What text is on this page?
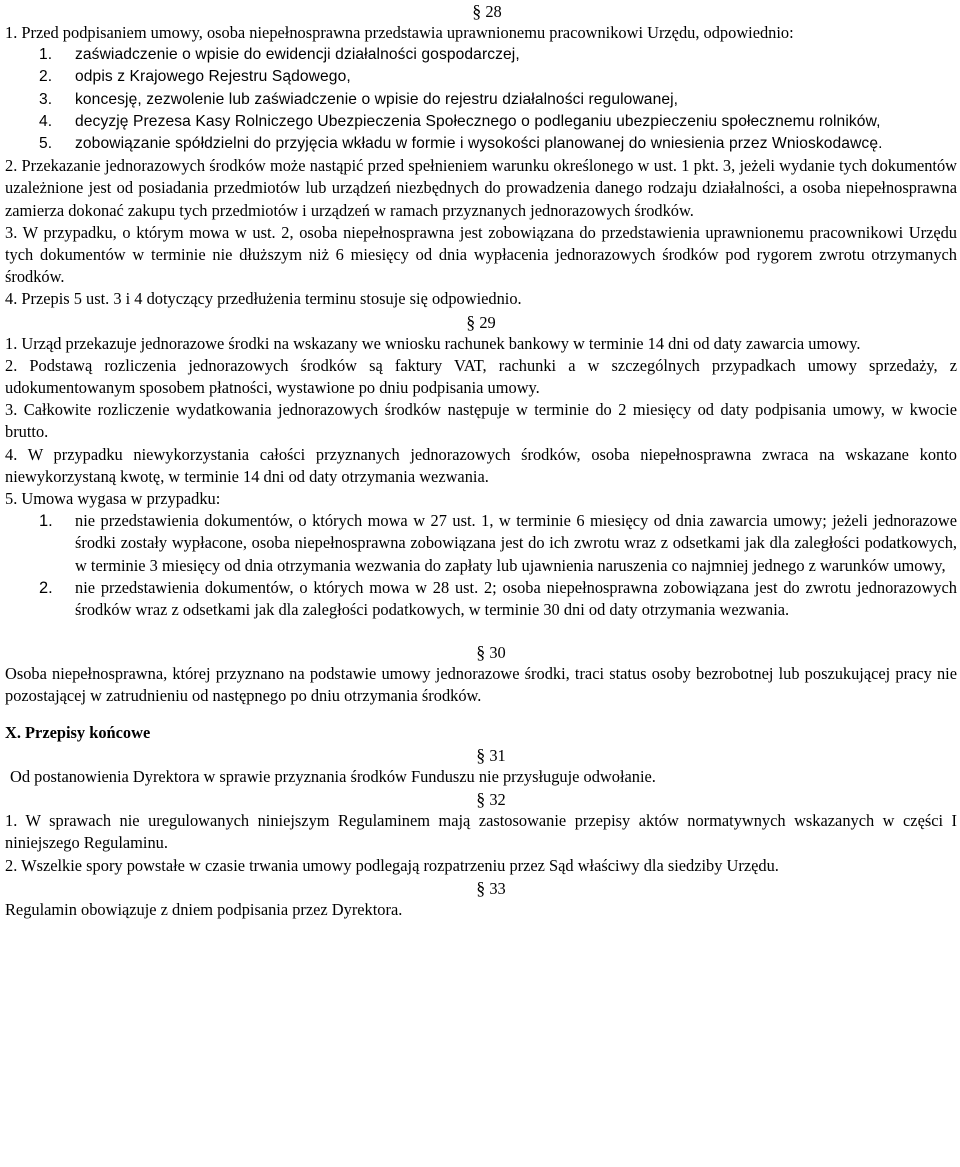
§ 28

1. Przed podpisaniem umowy, osoba niepełnosprawna przedstawia uprawnionemu pracownikowi Urzędu, odpowiednio:

1.	zaświadczenie o wpisie do ewidencji działalności gospodarczej,
2.	odpis z Krajowego Rejestru Sądowego,
3.	koncesję, zezwolenie lub zaświadczenie o wpisie do rejestru działalności regulowanej,
4.	decyzję Prezesa Kasy Rolniczego Ubezpieczenia Społecznego o podleganiu ubezpieczeniu społecznemu rolników,
5.	zobowiązanie spółdzielni do przyjęcia wkładu w formie i wysokości planowanej do wniesienia przez Wnioskodawcę.

2. Przekazanie jednorazowych środków może nastąpić przed spełnieniem warunku określonego w ust. 1 pkt. 3, jeżeli wydanie tych dokumentów uzależnione jest od posiadania przedmiotów lub urządzeń niezbędnych do prowadzenia danego rodzaju działalności, a osoba niepełnosprawna zamierza dokonać zakupu tych przedmiotów i urządzeń w ramach przyznanych jednorazowych środków.

3. W przypadku, o którym mowa w ust. 2, osoba niepełnosprawna jest zobowiązana do przedstawienia uprawnionemu pracownikowi Urzędu tych dokumentów w terminie nie dłuższym niż 6 miesięcy od dnia wypłacenia jednorazowych środków pod rygorem zwrotu otrzymanych środków.

4. Przepis 5 ust. 3 i 4 dotyczący przedłużenia terminu stosuje się odpowiednio.

§ 29

1. Urząd przekazuje jednorazowe środki na wskazany we wniosku rachunek bankowy w terminie 14 dni od daty zawarcia umowy.

2. Podstawą rozliczenia jednorazowych środków są faktury VAT, rachunki a w szczególnych przypadkach umowy sprzedaży, z udokumentowanym sposobem płatności, wystawione po dniu podpisania umowy.

3. Całkowite rozliczenie wydatkowania jednorazowych środków następuje w terminie do 2 miesięcy od daty podpisania umowy, w kwocie brutto.

4. W przypadku niewykorzystania całości przyznanych jednorazowych środków, osoba niepełnosprawna zwraca na wskazane konto niewykorzystaną kwotę, w terminie 14 dni od daty otrzymania wezwania.

5. Umowa wygasa w przypadku:

1.	nie przedstawienia dokumentów, o których mowa w 27 ust. 1, w terminie 6 miesięcy od dnia zawarcia umowy; jeżeli jednorazowe środki zostały wypłacone, osoba niepełnosprawna zobowiązana jest do ich zwrotu wraz z odsetkami jak dla zaległości podatkowych, w terminie 3 miesięcy od dnia otrzymania wezwania do zapłaty lub ujawnienia naruszenia co najmniej jednego z warunków umowy,
2.	nie przedstawienia dokumentów, o których mowa w 28 ust. 2; osoba niepełnosprawna zobowiązana jest do zwrotu jednorazowych środków wraz z odsetkami jak dla zaległości podatkowych, w terminie 30 dni od daty otrzymania wezwania.

§ 30

Osoba niepełnosprawna, której przyznano na podstawie umowy jednorazowe środki, traci status osoby bezrobotnej lub poszukującej pracy nie pozostającej w zatrudnieniu od następnego po dniu otrzymania środków.

X. Przepisy końcowe

§ 31

Od postanowienia Dyrektora w sprawie przyznania środków Funduszu nie przysługuje odwołanie.

§ 32

1. W sprawach nie uregulowanych niniejszym Regulaminem mają zastosowanie przepisy aktów normatywnych wskazanych w części I niniejszego Regulaminu.

2. Wszelkie spory powstałe w czasie trwania umowy podlegają rozpatrzeniu przez Sąd właściwy dla siedziby Urzędu.

§ 33

Regulamin obowiązuje z dniem podpisania przez Dyrektora.
